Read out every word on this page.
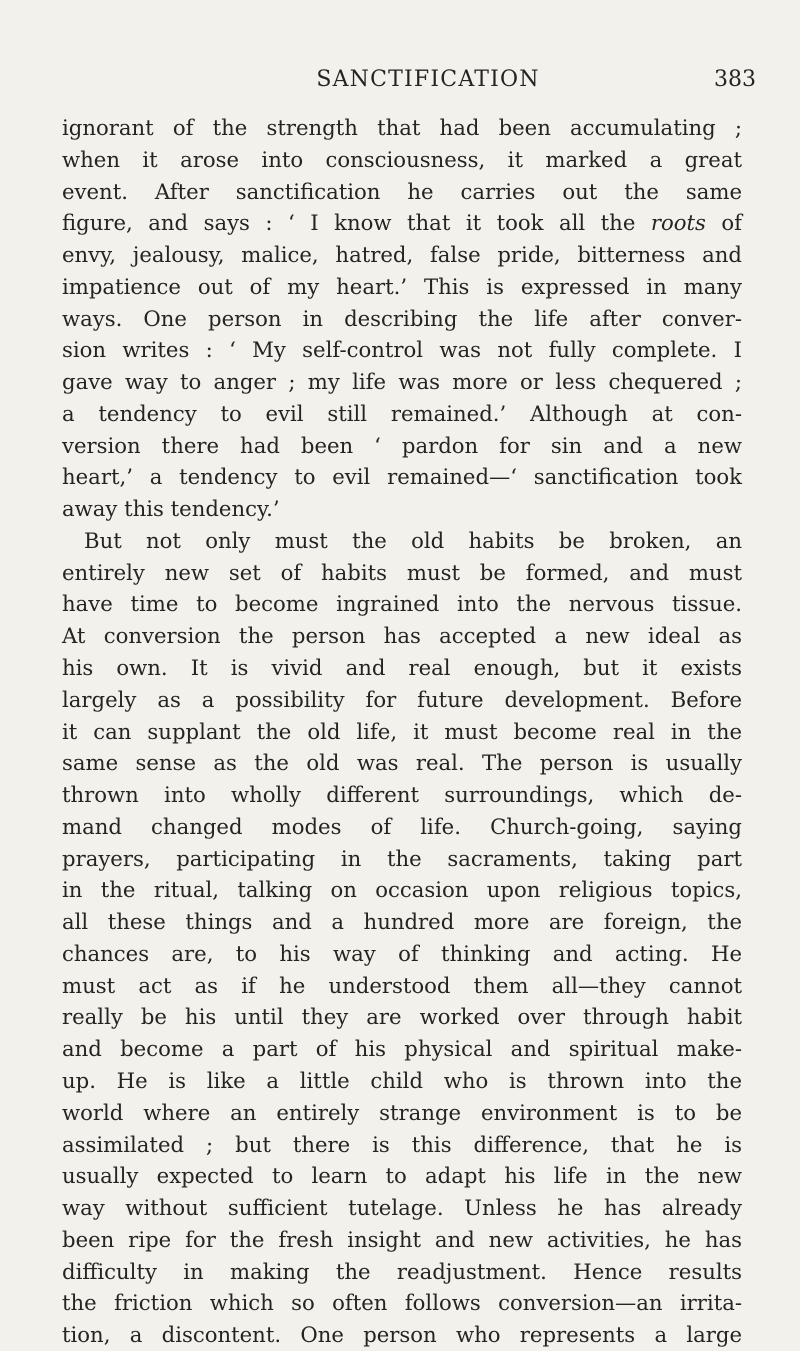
SANCTIFICATION	383
ignorant of the strength that had been accumulating ;
when it arose into consciousness, it marked a great
event. After sanctification he carries out the same
figure, and says : ‘ I know that it took all the roots of
envy, jealousy, malice, hatred, false pride, bitterness and
impatience out of my heart.’ This is expressed in many
ways. One person in describing the life after conver-
sion writes : ‘ My self-control was not fully complete. I
gave way to anger ; my life was more or less chequered ;
a tendency to evil still remained.’ Although at con-
version there had been ‘ pardon for sin and a new
heart,’ a tendency to evil remained—‘ sanctification took
away this tendency.’
But not only must the old habits be broken, an
entirely new set of habits must be formed, and must
have time to become ingrained into the nervous tissue.
At conversion the person has accepted a new ideal as
his own. It is vivid and real enough, but it exists
largely as a possibility for future development. Before
it can supplant the old life, it must become real in the
same sense as the old was real. The person is usually
thrown into wholly different surroundings, which de-
mand changed modes of life. Church-going, saying
prayers, participating in the sacraments, taking part
in the ritual, talking on occasion upon religious topics,
all these things and a hundred more are foreign, the
chances are, to his way of thinking and acting. He
must act as if he understood them all—they cannot
really be his until they are worked over through habit
and become a part of his physical and spiritual make-
up. He is like a little child who is thrown into the
world where an entirely strange environment is to be
assimilated ; but there is this difference, that he is
usually expected to learn to adapt his life in the new
way without sufficient tutelage. Unless he has already
been ripe for the fresh insight and new activities, he has
difficulty in making the readjustment. Hence results
the friction which so often follows conversion—an irrita-
tion, a discontent. One person who represents a large
